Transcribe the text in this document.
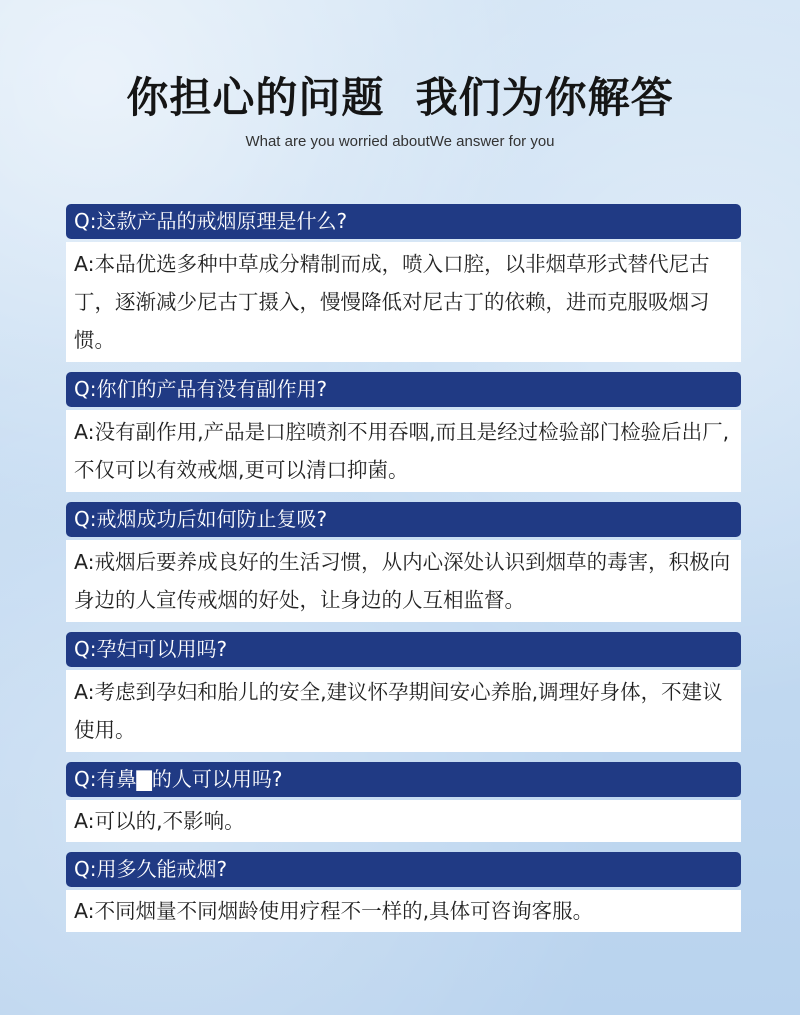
你担心的问题  我们为你解答
What are you worried aboutWe answer for you
Q:这款产品的戒烟原理是什么?
A:本品优选多种中草成分精制而成，喷入口腔，以非烟草形式替代尼古丁，逐渐减少尼古丁摄入，慢慢降低对尼古丁的依赖，进而克服吸烟习惯。
Q:你们的产品有没有副作用?
A:没有副作用,产品是口腔喷剂不用吞咽,而且是经过检验部门检验后出厂,不仅可以有效戒烟,更可以清口抑菌。
Q:戒烟成功后如何防止复吸?
A:戒烟后要养成良好的生活习惯，从内心深处认识到烟草的毒害，积极向身边的人宣传戒烟的好处，让身边的人互相监督。
Q:孕妇可以用吗?
A:考虑到孕妇和胎儿的安全,建议怀孕期间安心养胎,调理好身体，不建议使用。
Q:有鼻▇的人可以用吗?
A:可以的,不影响。
Q:用多久能戒烟?
A:不同烟量不同烟龄使用疗程不一样的,具体可咨询客服。
